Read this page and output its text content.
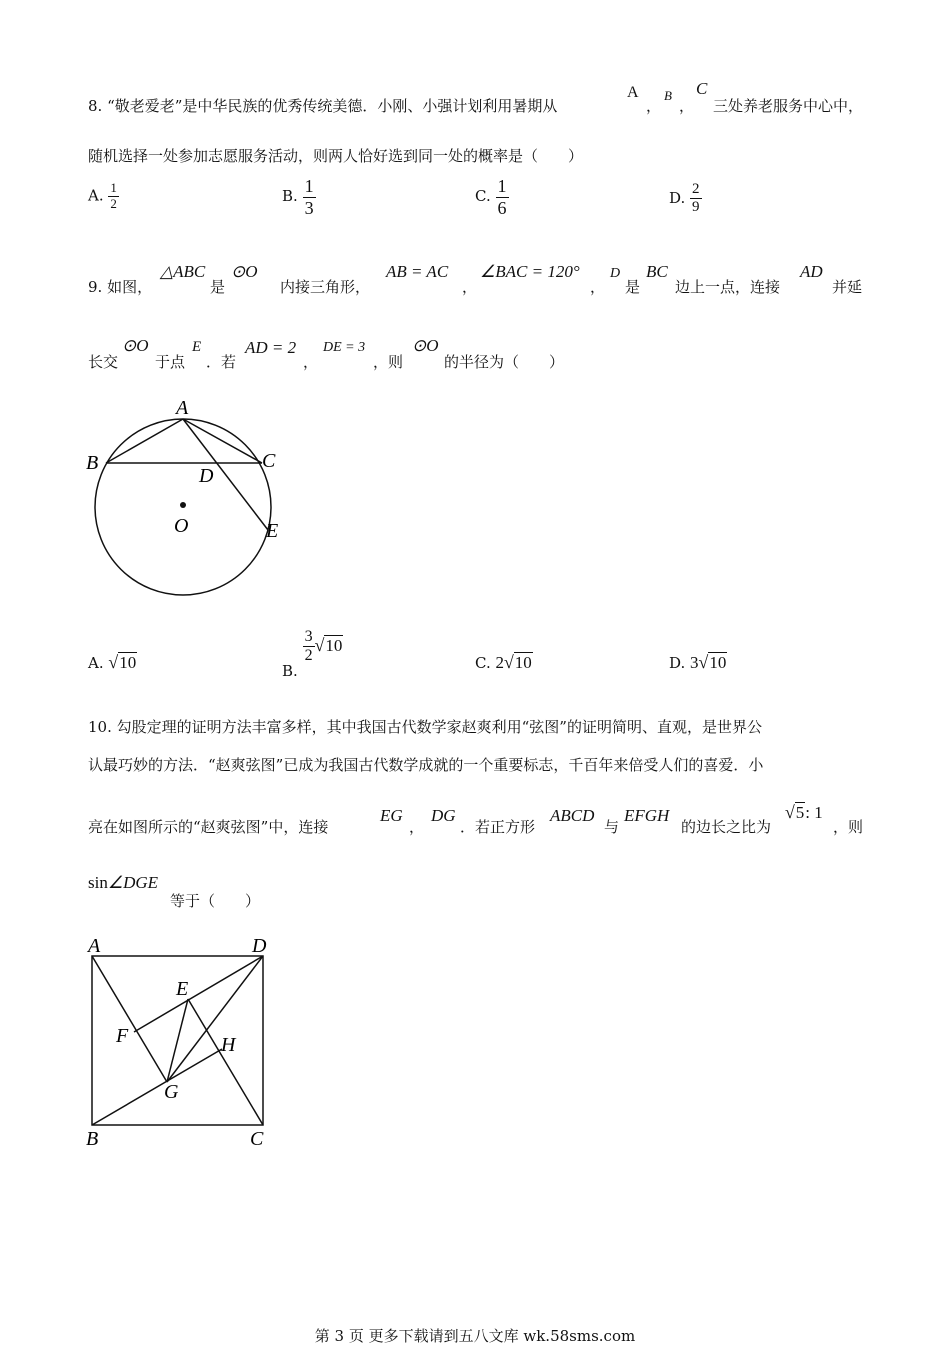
8. “敬老爱老”是中华民族的优秀传统美德．小刚、小强计划利用暑期从
A
，
B
，
C
三处养老服务中心中，
随机选择一处参加志愿服务活动，则两人恰好选到同一处的概率是（　　）
A. $\frac{1}{2}$	B. $\frac{1}{3}$	C. $\frac{1}{6}$	D. $\frac{2}{9}$
9. 如图，
△ABC
是
⊙O
内接三角形，
AB = AC
，
∠BAC = 120°
，
D
是
BC
边上一点，连接
AD
并延
长交
⊙O
于点
E
．若
AD = 2
，
DE = 3
，则
⊙O
的半径为（　　）
A
B	C
D
E
O
A. √10	B.
$\frac{3}{2} √10$
C. 2√10	D. 3√10
10. 勾股定理的证明方法丰富多样，其中我国古代数学家赵爽利用“弦图”的证明简明、直观，是世界公
认最巧妙的方法．“赵爽弦图”已成为我国古代数学成就的一个重要标志，千百年来倍受人们的喜爱．小
亮在如图所示的“赵爽弦图”中，连接
EG
，
DG
．若正方形
ABCD
与
EFGH
的边长之比为
√5: 1
，则
sin∠DGE
等于（　　）
A	D
E
F	H
G
B	C
第 3 页 更多下载请到五八文库 wk.58sms.com
